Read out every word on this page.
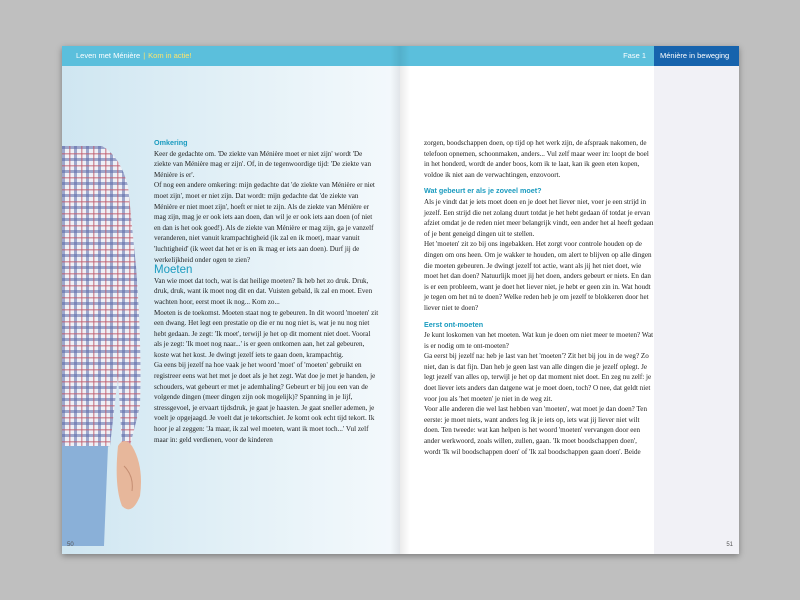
Leven met Ménière | Kom in actie!

Omkering

Keer de gedachte om. 'De ziekte van Ménière moet er niet zijn' wordt 'De ziekte van Ménière mag er zijn'. Of, in de tegenwoordige tijd: 'De ziekte van Ménière is er'.
Of nog een andere omkering: mijn gedachte dat 'de ziekte van Ménière er niet moet zijn', moet er niet zijn. Dat wordt: mijn gedachte dat 'de ziekte van Ménière er niet moet zijn', hoeft er niet te zijn. Als de ziekte van Ménière er mag zijn, mag je er ook iets aan doen, dan wil je er ook iets aan doen (of niet en dan is het ook goed!). Als de ziekte van Ménière er mag zijn, ga je vanzelf veranderen, niet vanuit krampachtigheid (ik zal en ik moet), maar vanuit 'luchtigheid' (ik weet dat het er is en ik mag er iets aan doen). Durf jij de werkelijkheid onder ogen te zien?

Moeten

Van wie moet dat toch, wat is dat heilige moeten? Ik heb het zo druk. Druk, druk, druk, want ik moet nog dit en dat. Vuisten gebald, ik zal en moet. Even wachten hoor, eerst moet ik nog... Kom zo...
Moeten is de toekomst. Moeten staat nog te gebeuren. In dit woord 'moeten' zit een dwang. Het legt een prestatie op die er nu nog niet is, wat je nu nog niet hebt gedaan. Je zegt: 'Ik moet', terwijl je het op dit moment niet doet. Vooral als je zegt: 'Ik moet nog naar...' is er geen ontkomen aan, het zal gebeuren, koste wat het kost. Je dwingt jezelf iets te gaan doen, krampachtig.
Ga eens bij jezelf na hoe vaak je het woord 'moet' of 'moeten' gebruikt en registreer eens wat het met je doet als je het zegt. Wat doe je met je handen, je schouders, wat gebeurt er met je ademhaling? Gebeurt er bij jou een van de volgende dingen (meer dingen zijn ook mogelijk)? Spanning in je lijf, stressgevoel, je ervaart tijdsdruk, je gaat je haasten. Je gaat sneller ademen, je voelt je opgejaagd. Je voelt dat je tekortschiet. Je komt ook echt tijd tekort. Ik hoor je al zeggen: 'Ja maar, ik zal wel moeten, want ik moet toch...' Vul zelf maar in: geld verdienen, voor de kinderen

50
Fase 1 Ménière in beweging

zorgen, boodschappen doen, op tijd op het werk zijn, de afspraak nakomen, de telefoon opnemen, schoonmaken, anders... Vul zelf maar weer in: loopt de boel in het honderd, wordt de ander boos, kom ik te laat, kan ik geen eten kopen, voldoe ik niet aan de verwachtingen, enzovoort.

Wat gebeurt er als je zoveel moet?

Als je vindt dat je iets moet doen en je doet het liever niet, voer je een strijd in jezelf. Een strijd die net zolang duurt totdat je het hebt gedaan óf totdat je ervan afziet omdat je de reden niet meer belangrijk vindt, een ander het al heeft gedaan of je bent geneigd dingen uit te stellen.
Het 'moeten' zit zo bij ons ingebakken. Het zorgt voor controle houden op de dingen om ons heen. Om je wakker te houden, om alert te blijven op alle dingen die moeten gebeuren. Je dwingt jezelf tot actie, want als jij het niet doet, wie moet het dan doen? Natuurlijk moet jij het doen, anders gebeurt er niets. En dan is er een probleem, want je doet het liever niet, je hebt er geen zin in. Wat houdt je tegen om het nú te doen? Welke reden heb je om jezelf te blokkeren door het liever niet te doen?

Eerst ont-moeten

Je kunt loskomen van het moeten. Wat kun je doen om niet meer te moeten? Wat is er nodig om te ont-moeten?
Ga eerst bij jezelf na: heb je last van het 'moeten'? Zit het bij jou in de weg? Zo niet, dan is dat fijn. Dan heb je geen last van alle dingen die je jezelf oplegt. Je legt jezelf van alles op, terwijl je het op dat moment niet doet. En zeg nu zelf: je doet liever iets anders dan datgene wat je moet doen, toch? O nee, dat geldt niet voor jou als 'het moeten' je niet in de weg zit.
Voor alle anderen die wel last hebben van 'moeten', wat moet je dan doen? Ten eerste: je moet niets, want anders leg ik je iets op, iets wat jij liever niet wilt doen. Ten tweede: wat kan helpen is het woord 'moeten' vervangen door een ander werkwoord, zoals willen, zullen, gaan. 'Ik moet boodschappen doen', wordt 'Ik wil boodschappen doen' of 'Ik zal boodschappen gaan doen'. Beide

51
